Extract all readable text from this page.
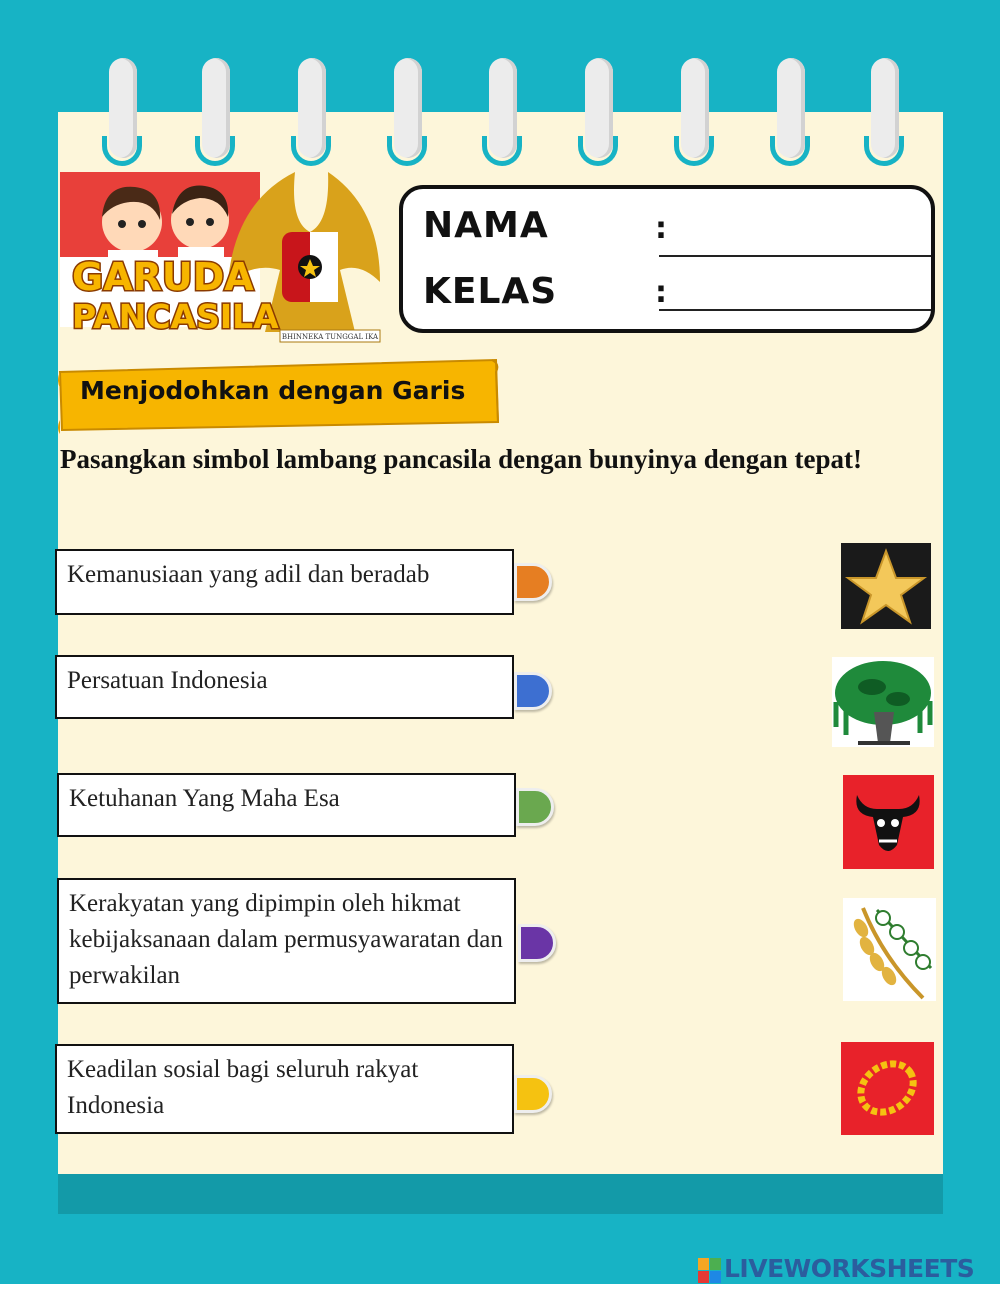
BHINNEKA TUNGGAL IKA
GARUDA
PANCASILA
NAMA	:
KELAS	:
Menjodohkan dengan Garis
Pasangkan simbol lambang pancasila dengan bunyinya dengan tepat!
Kemanusiaan yang adil dan beradab
Persatuan Indonesia
Ketuhanan Yang Maha Esa
Kerakyatan yang dipimpin oleh hikmat kebijaksanaan dalam permusyawaratan dan perwakilan
Keadilan sosial bagi seluruh rakyat Indonesia
LIVEWORKSHEETS
